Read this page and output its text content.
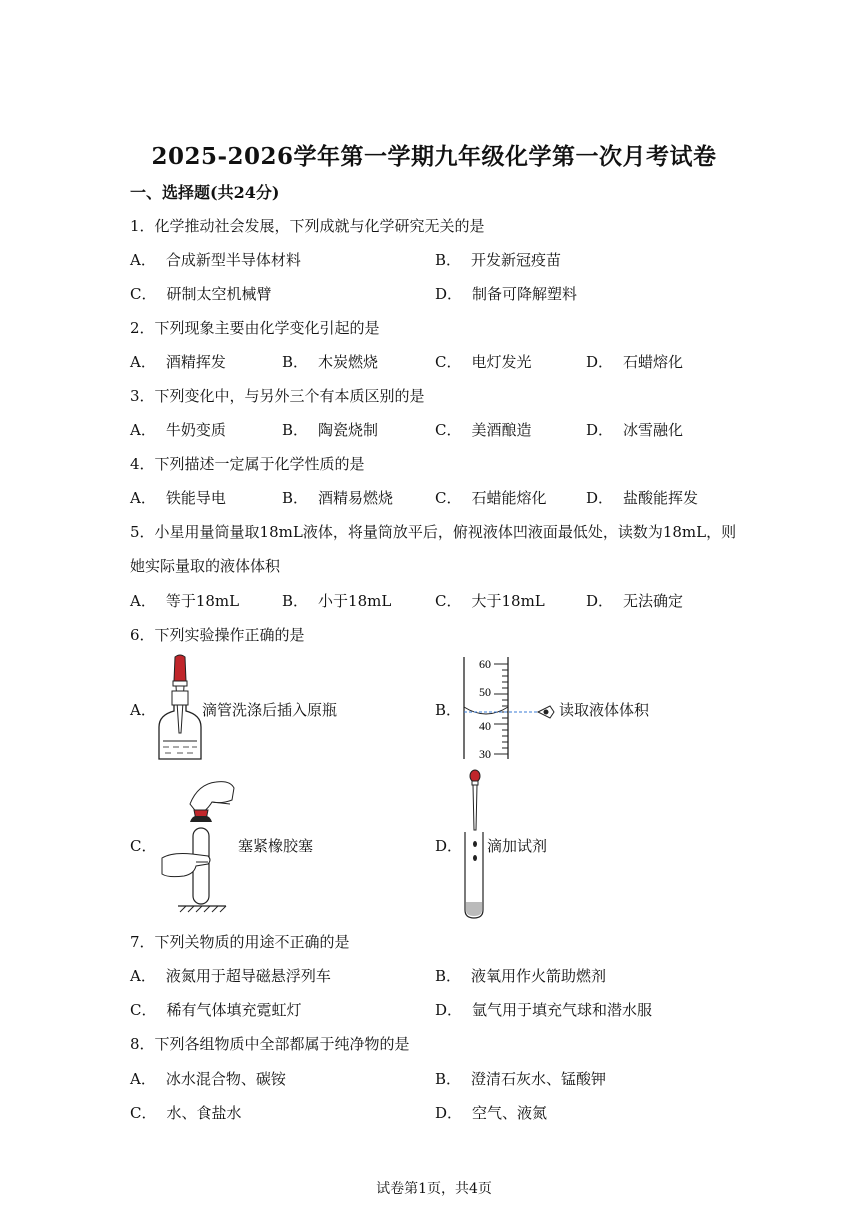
2025-2026学年第一学期九年级化学第一次月考试卷
一、选择题(共24分)
1．化学推动社会发展，下列成就与化学研究无关的是
A． 合成新型半导体材料	B． 开发新冠疫苗
C． 研制太空机械臂	D． 制备可降解塑料
2．下列现象主要由化学变化引起的是
A． 酒精挥发	B． 木炭燃烧	C． 电灯发光	D． 石蜡熔化
3．下列变化中，与另外三个有本质区别的是
A． 牛奶变质	B． 陶瓷烧制	C． 美酒酿造	D． 冰雪融化
4．下列描述一定属于化学性质的是
A． 铁能导电	B． 酒精易燃烧	C． 石蜡能熔化	D． 盐酸能挥发
5．小星用量筒量取18mL液体，将量筒放平后，俯视液体凹液面最低处，读数为18mL，则
她实际量取的液体体积
A． 等于18mL	B． 小于18mL	C． 大于18mL	D． 无法确定
6．下列实验操作正确的是
A．	滴管洗涤后插入原瓶	B．
60
50
40
30
读取液体体积
C．	塞紧橡胶塞	D． 滴加试剂
7．下列关物质的用途不正确的是
A． 液氮用于超导磁悬浮列车	B． 液氧用作火箭助燃剂
C． 稀有气体填充霓虹灯	D． 氩气用于填充气球和潜水服
8．下列各组物质中全部都属于纯净物的是
A． 冰水混合物、碳铵	B． 澄清石灰水、锰酸钾
C． 水、食盐水	D． 空气、液氮
试卷第1页，共4页
